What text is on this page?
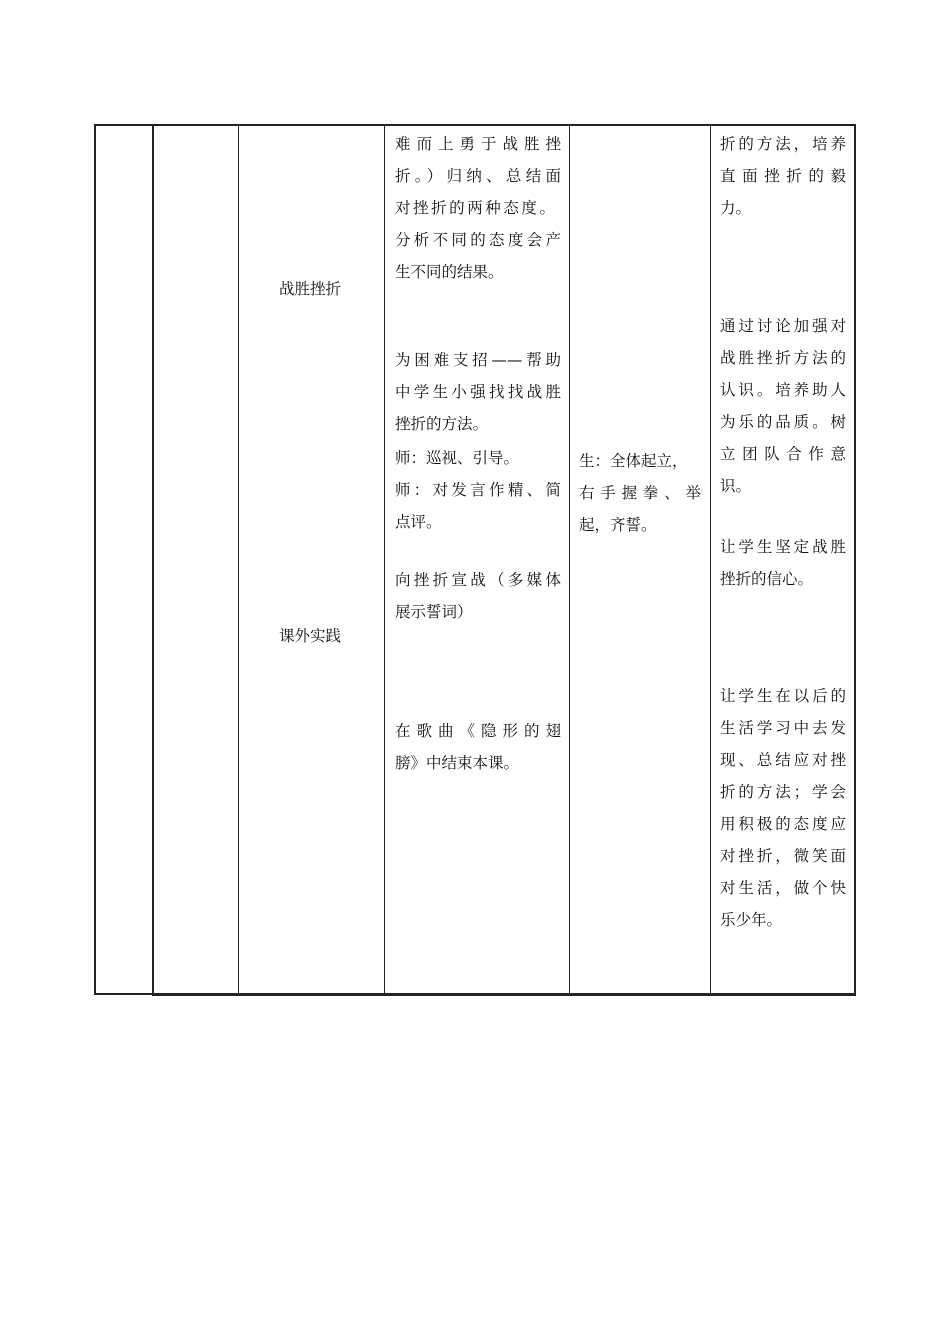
战胜挫折
课外实践
难而上勇于战胜挫
折。）归纳、总结面
对挫折的两种态度。
分析不同的态度会产
生不同的结果。
为困难支招——帮助
中学生小强找找战胜
挫折的方法。
师：巡视、引导。
师：对发言作精、简
点评。
向挫折宣战（多媒体
展示誓词）
在歌曲《隐形的翅
膀》中结束本课。
生：全体起立，
右手握拳、举
起，齐誓。
折的方法，培养
直面挫折的毅
力。
通过讨论加强对
战胜挫折方法的
认识。培养助人
为乐的品质。树
立团队合作意
识。
让学生坚定战胜
挫折的信心。
让学生在以后的
生活学习中去发
现、总结应对挫
折的方法；学会
用积极的态度应
对挫折，微笑面
对生活，做个快
乐少年。
